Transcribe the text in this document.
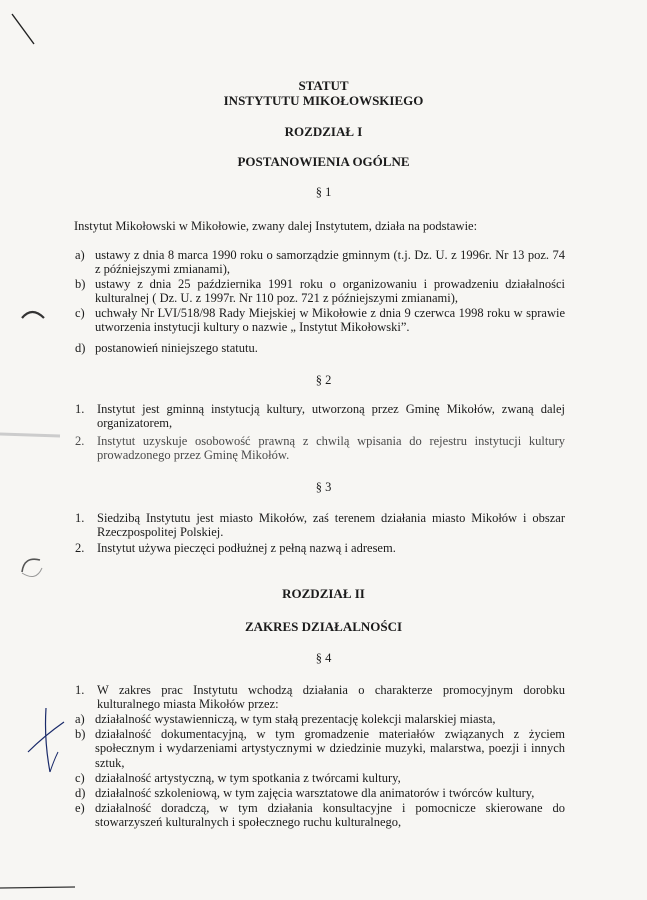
STATUT
INSTYTUTU MIKOŁOWSKIEGO
ROZDZIAŁ I
POSTANOWIENIA OGÓLNE
§ 1
Instytut Mikołowski w Mikołowie, zwany dalej Instytutem, działa na podstawie:
a) ustawy z dnia 8 marca 1990 roku o samorządzie gminnym (t.j. Dz. U. z 1996r. Nr 13 poz. 74 z późniejszymi zmianami),
b) ustawy z dnia 25 października 1991 roku o organizowaniu i prowadzeniu działalności kulturalnej ( Dz. U. z 1997r. Nr 110 poz. 721 z późniejszymi zmianami),
c) uchwały Nr LVI/518/98 Rady Miejskiej w Mikołowie z dnia 9 czerwca 1998 roku w sprawie utworzenia instytucji kultury o nazwie „ Instytut Mikołowski”.
d) postanowień niniejszego statutu.
§ 2
1. Instytut jest gminną instytucją kultury, utworzoną przez Gminę Mikołów, zwaną dalej organizatorem,
2. Instytut uzyskuje osobowość prawną z chwilą wpisania do rejestru instytucji kultury prowadzonego przez Gminę Mikołów.
§ 3
1. Siedzibą Instytutu jest miasto Mikołów, zaś terenem działania miasto Mikołów i obszar Rzeczpospolitej Polskiej.
2. Instytut używa pieczęci podłużnej z pełną nazwą i adresem.
ROZDZIAŁ II
ZAKRES DZIAŁALNOŚCI
§ 4
1. W zakres prac Instytutu wchodzą działania o charakterze promocyjnym dorobku kulturalnego miasta Mikołów przez:
a) działalność wystawienniczą, w tym stałą prezentację kolekcji malarskiej miasta,
b) działalność dokumentacyjną, w tym gromadzenie materiałów związanych z życiem społecznym i wydarzeniami artystycznymi w dziedzinie muzyki, malarstwa, poezji i innych sztuk,
c) działalność artystyczną, w tym spotkania z twórcami kultury,
d) działalność szkoleniową, w tym zajęcia warsztatowe dla animatorów i twórców kultury,
e) działalność doradczą, w tym działania konsultacyjne i pomocnicze skierowane do stowarzyszeń kulturalnych i społecznego ruchu kulturalnego,
